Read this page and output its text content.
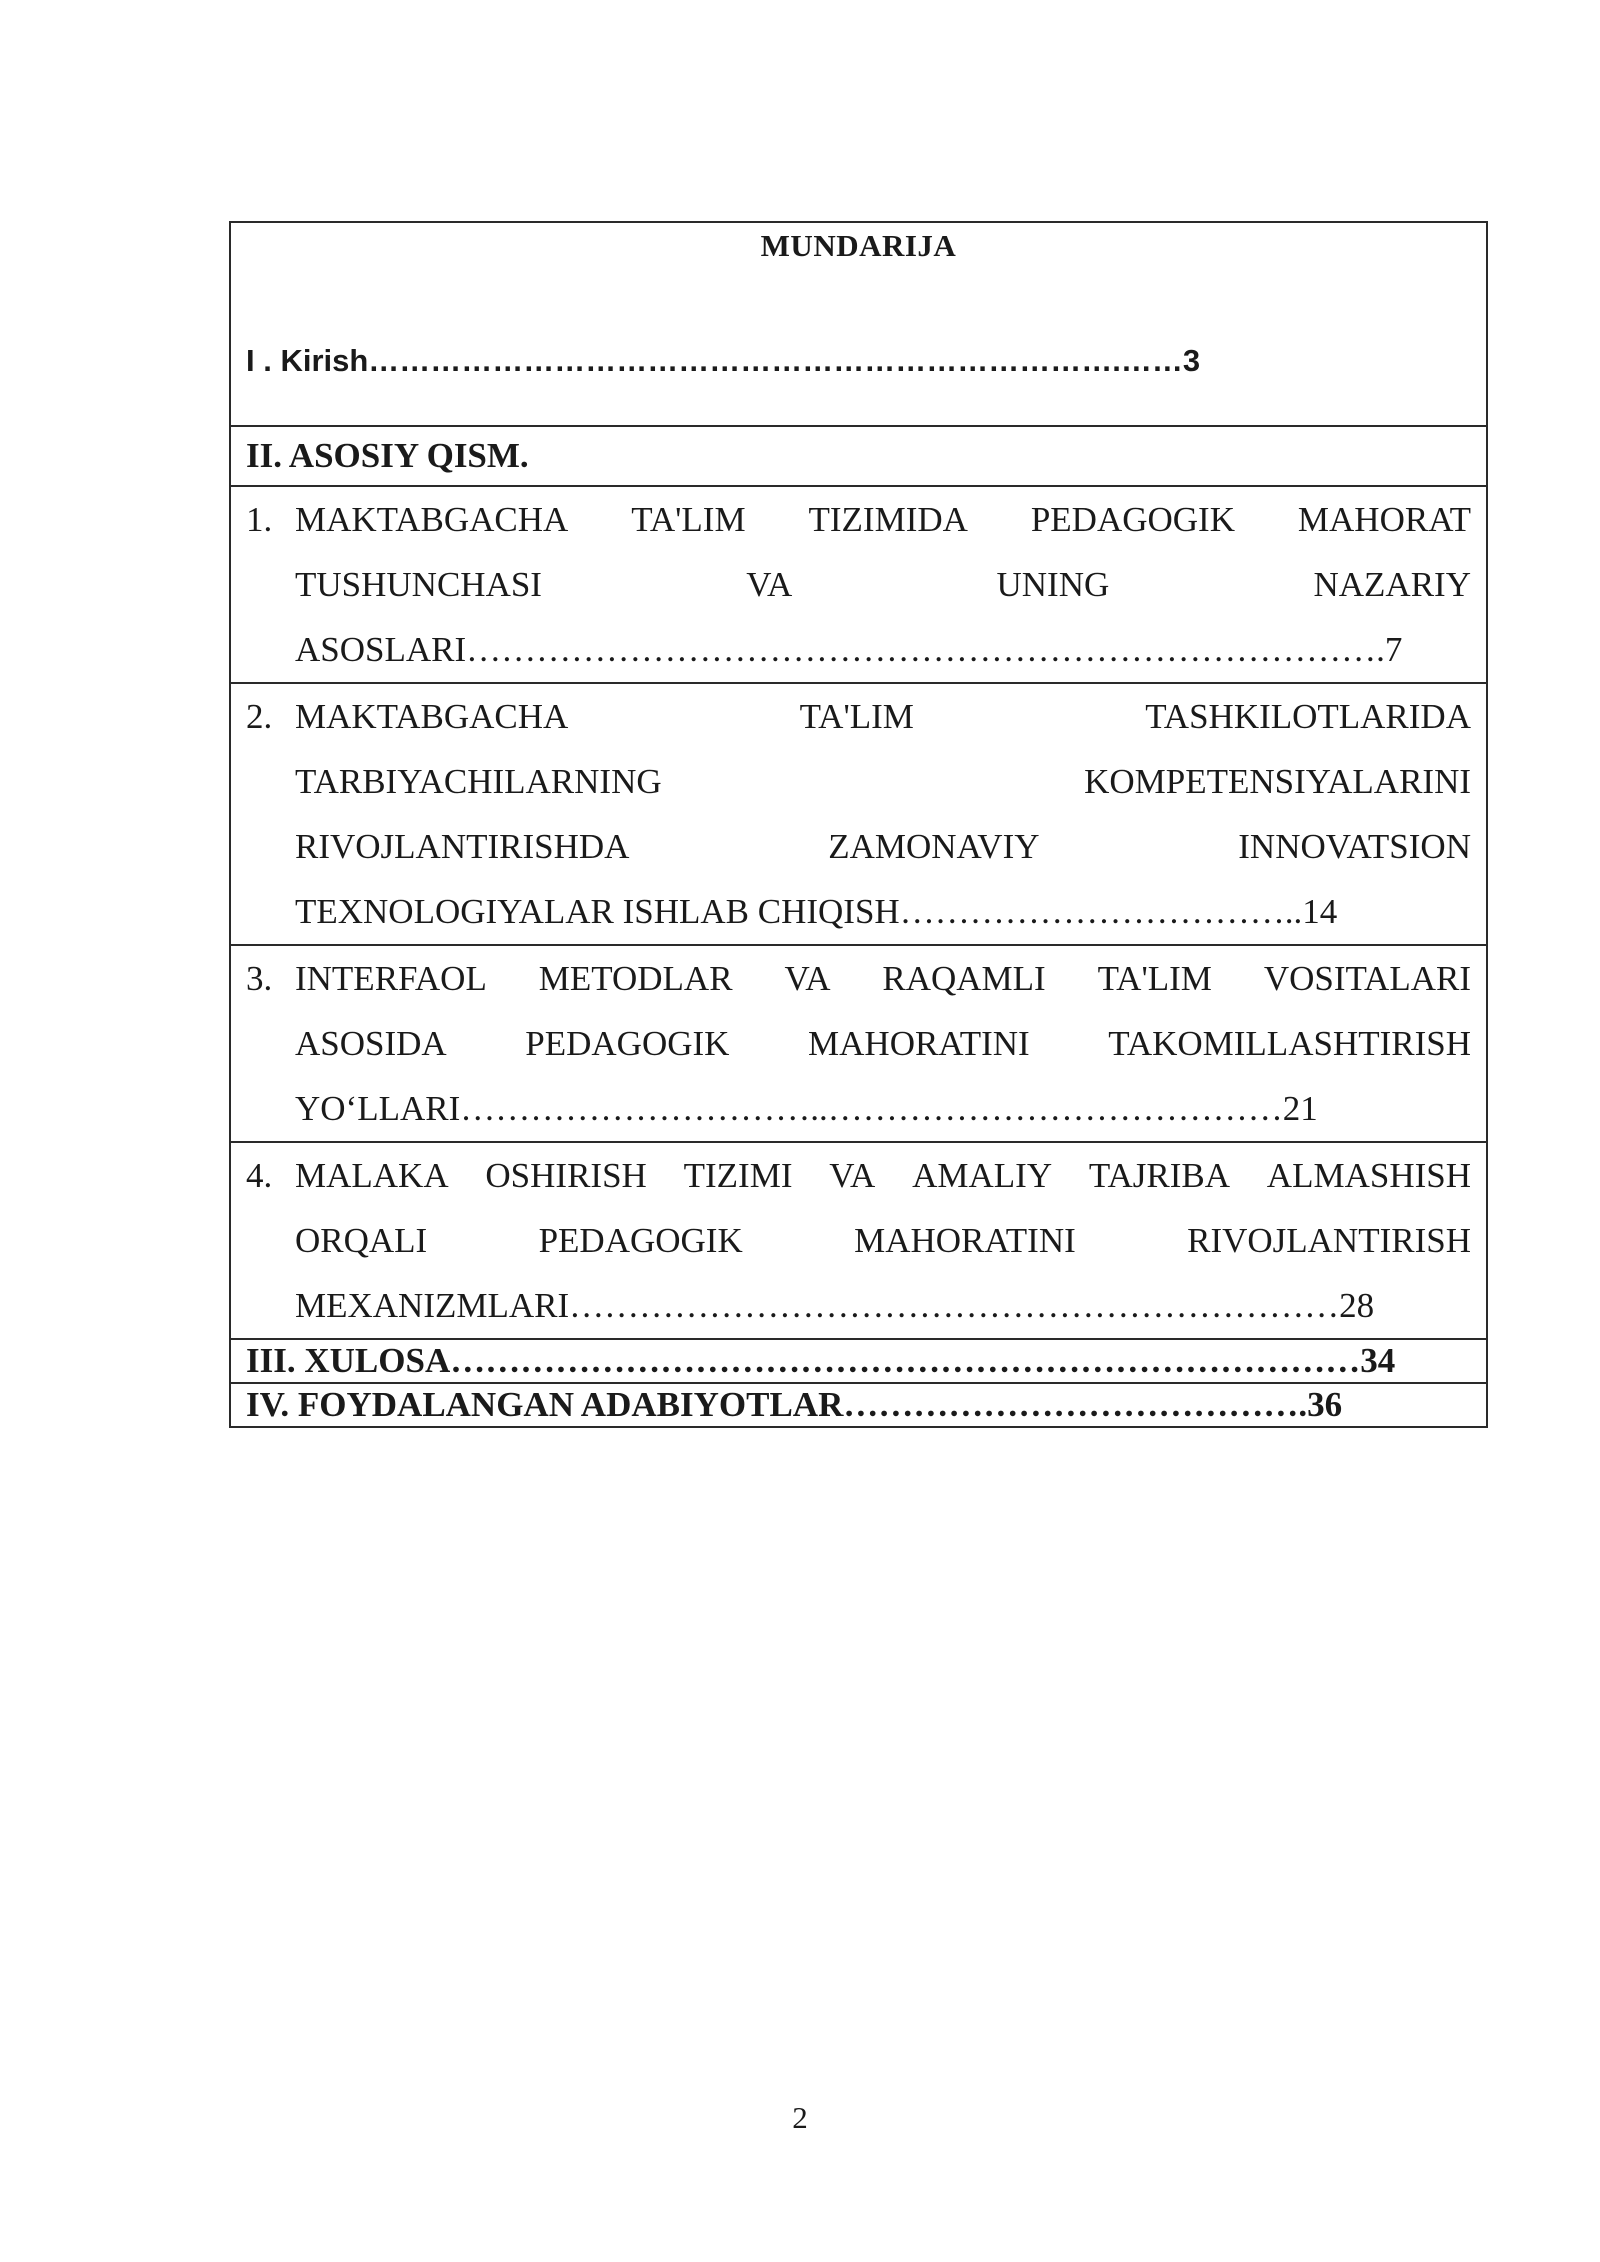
MUNDARIJA
I . Kirish……………………………………………………………….……3

II. ASOSIY QISM.

1. MAKTABGACHA TA'LIM TIZIMIDA PEDAGOGIK MAHORAT
TUSHUNCHASI	VA	UNING	NAZARIY
ASOSLARI…………………………………………………………………….7

2. MAKTABGACHA	TA'LIM	TASHKILOTLARIDA
TARBIYACHILARNING	KOMPETENSIYALARINI
RIVOJLANTIRISHDA	ZAMONAVIY	INNOVATSION
TEXNOLOGIYALAR ISHLAB CHIQISH……………………………..14

3. INTERFAOL METODLAR VA RAQAMLI TA'LIM VOSITALARI
ASOSIDA PEDAGOGIK MAHORATINI TAKOMILLASHTIRISH
YO‘LLARI…………………………..…………………………………21

4. MALAKA OSHIRISH TIZIMI VA AMALIY TAJRIBA ALMASHISH
ORQALI	PEDAGOGIK	MAHORATINI	RIVOJLANTIRISH
MEXANIZMLARI…………………………………………………………28

III. XULOSA……………………………………………………………………34
IV. FOYDALANGAN ADABIYOTLAR………………………………….36
2
